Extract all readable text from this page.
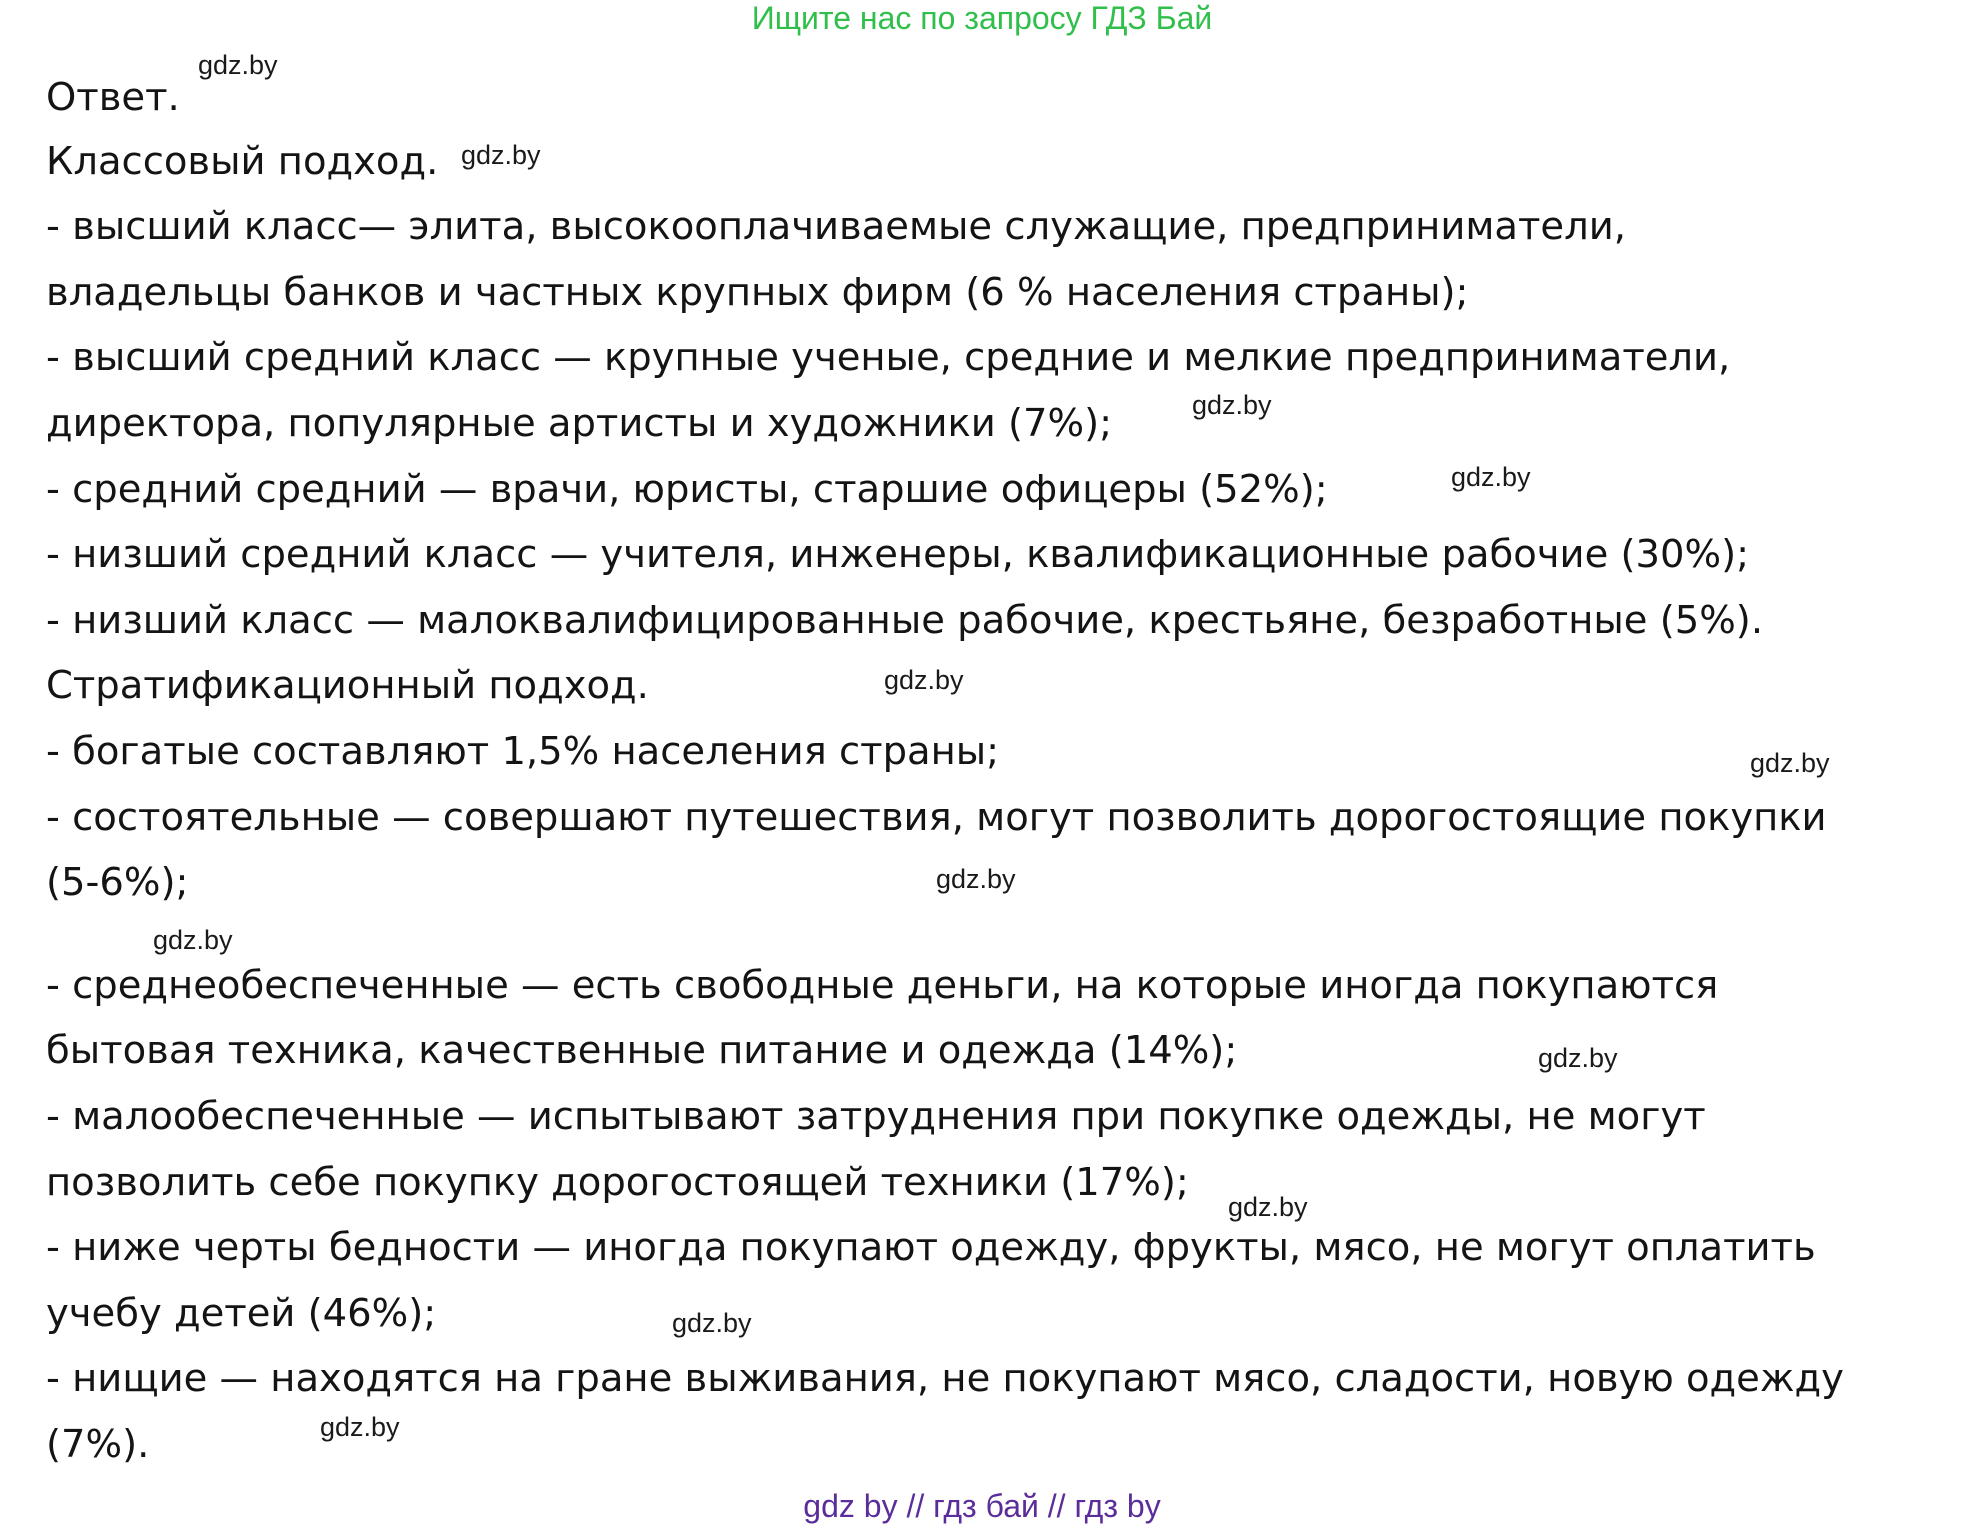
Ищите нас по запросу ГДЗ Бай
Ответ.
Классовый подход.
- высший класс— элита, высокооплачиваемые служащие, предприниматели,
владельцы банков и частных крупных фирм (6 % населения страны);
- высший средний класс — крупные ученые, средние и мелкие предприниматели,
директора, популярные артисты и художники (7%);
- средний средний — врачи, юристы, старшие офицеры (52%);
- низший средний класс — учителя, инженеры, квалификационные рабочие (30%);
- низший класс — малоквалифицированные рабочие, крестьяне, безработные (5%).
Стратификационный подход.
- богатые составляют 1,5% населения страны;
- состоятельные — совершают путешествия, могут позволить дорогостоящие покупки
(5-6%);
- среднеобеспеченные — есть свободные деньги, на которые иногда покупаются
бытовая техника, качественные питание и одежда (14%);
- малообеспеченные — испытывают затруднения при покупке одежды, не могут
позволить себе покупку дорогостоящей техники (17%);
- ниже черты бедности — иногда покупают одежду, фрукты, мясо, не могут оплатить
учебу детей (46%);
- нищие — находятся на гране выживания, не покупают мясо, сладости, новую одежду
(7%).
gdz.by
gdz.by
gdz.by
gdz.by
gdz.by
gdz.by
gdz.by
gdz.by
gdz.by
gdz.by
gdz.by
gdz.by
gdz by // гдз бай // гдз by
